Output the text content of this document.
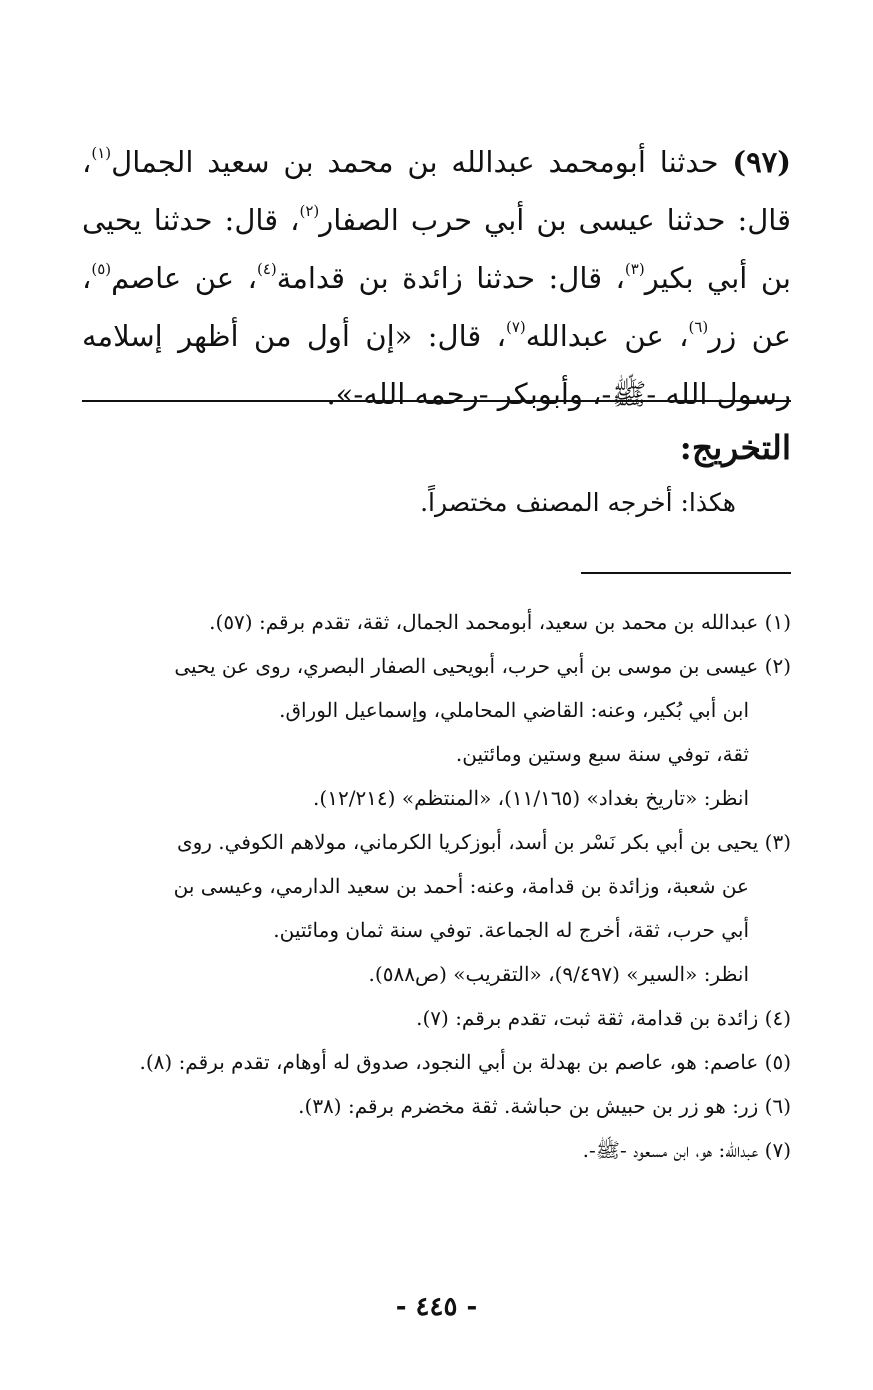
(٩٧) حدثنا أبومحمد عبدالله بن محمد بن سعيد الجمال$^{(١)}$، قال: حدثنا عيسى بن أبي حرب الصفار$^{(٢)}$، قال: حدثنا يحيى بن أبي بكير$^{(٣)}$، قال: حدثنا زائدة بن قدامة$^{(٤)}$، عن عاصم$^{(٥)}$، عن زر$^{(٦)}$، عن عبدالله$^{(٧)}$، قال: «إن أول من أظهر إسلامه رسول الله -ﷺ-، وأبوبكر -رحمه الله-».

التخريج:
هكذا: أخرجه المصنف مختصراً.
(١) عبدالله بن محمد بن سعيد، أبومحمد الجمال، ثقة، تقدم برقم: (٥٧).
(٢) عيسى بن موسى بن أبي حرب، أبويحيى الصفار البصري، روى عن يحيى
ابن أبي بُكير، وعنه: القاضي المحاملي، وإسماعيل الوراق.
ثقة، توفي سنة سبع وستين ومائتين.
انظر: «تاريخ بغداد» (١١/١٦٥)، «المنتظم» (١٢/٢١٤).
(٣) يحيى بن أبي بكر نَسْر بن أسد، أبوزكريا الكرماني، مولاهم الكوفي. روى
عن شعبة، وزائدة بن قدامة، وعنه: أحمد بن سعيد الدارمي، وعيسى بن
أبي حرب، ثقة، أخرج له الجماعة. توفي سنة ثمان ومائتين.
انظر: «السير» (٩/٤٩٧)، «التقريب» (ص٥٨٨).
(٤) زائدة بن قدامة، ثقة ثبت، تقدم برقم: (٧).
(٥) عاصم: هو، عاصم بن بهدلة بن أبي النجود، صدوق له أوهام، تقدم برقم: (٨).
(٦) زر: هو زر بن حبيش بن حباشة. ثقة مخضرم برقم: (٣٨).
(٧) عبدالله: هو، ابن مسعود -ﷺ-.
- ٤٤٥ -
